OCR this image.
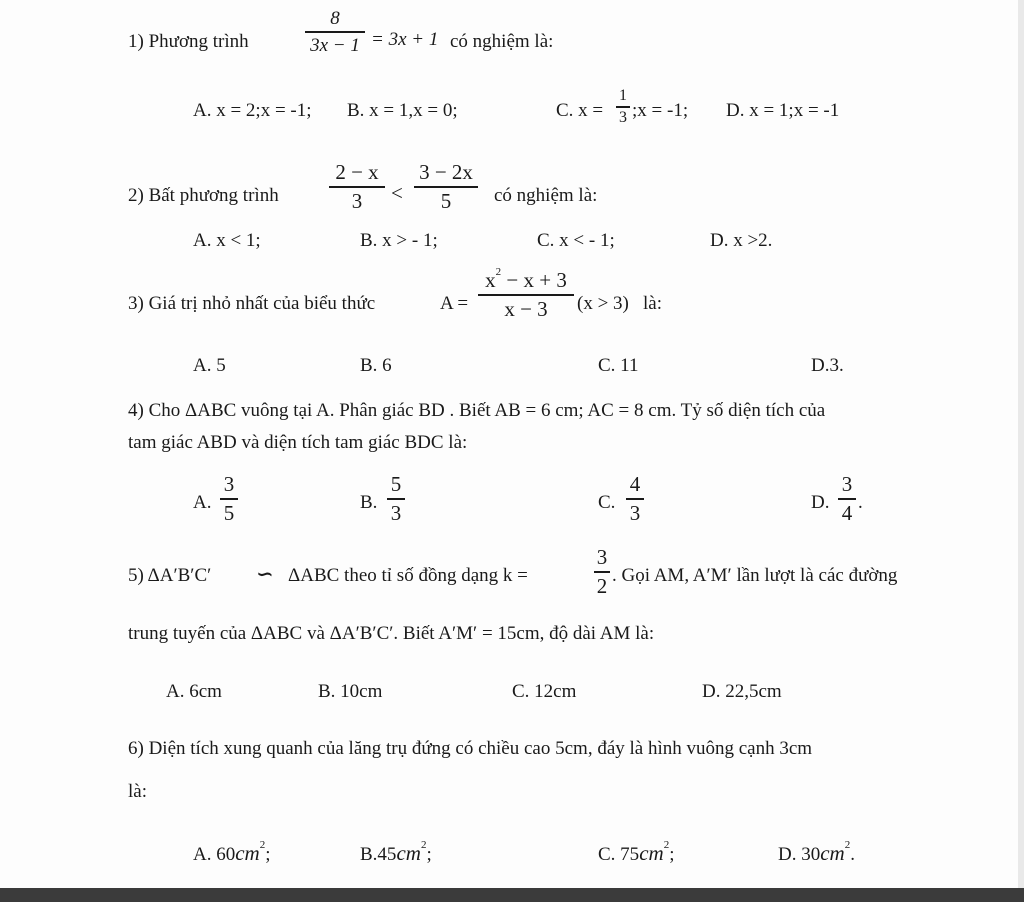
1) Phương trình
8
3x − 1 = 3x + 1 có nghiệm là:
A. x = 2;x = -1; B. x = 1,x = 0;	C. x =
1
3 ;x = -1; D. x = 1;x = -1
2) Bất phương trình
2 − x
3	<
3 − 2x
5	có nghiệm là:
A. x < 1;	B. x > - 1;	C. x < - 1;	D. x >2.
3) Giá trị nhỏ nhất của biểu thức	A =
$x^2 - x + 3$
x − 3	(x > 3) là:
A. 5	B. 6	C. 11	D.3.
4) Cho ΔABC vuông tại A. Phân giác BD . Biết AB = 6 cm; AC = 8 cm. Tỷ số diện tích của
tam giác ABD và diện tích tam giác BDC là:
A.
3
5	B.
5
3	C.
4
3	D.
3
4 .
5) ΔA′B′C′ ∽ ΔABC theo tỉ số đồng dạng k =
3
2 . Gọi AM, A′M′ lần lượt là các đường
trung tuyến của ΔABC và ΔA′B′C′. Biết A′M′ = 15cm, độ dài AM là:
A. 6cm	B. 10cm	C. 12cm	D. 22,5cm
6) Diện tích xung quanh của lăng trụ đứng có chiều cao 5cm, đáy là hình vuông cạnh 3cm
là:
A. $60cm^2$;	$B.45cm^2$;	C. $75cm^2$;	D. $30cm^2$.
